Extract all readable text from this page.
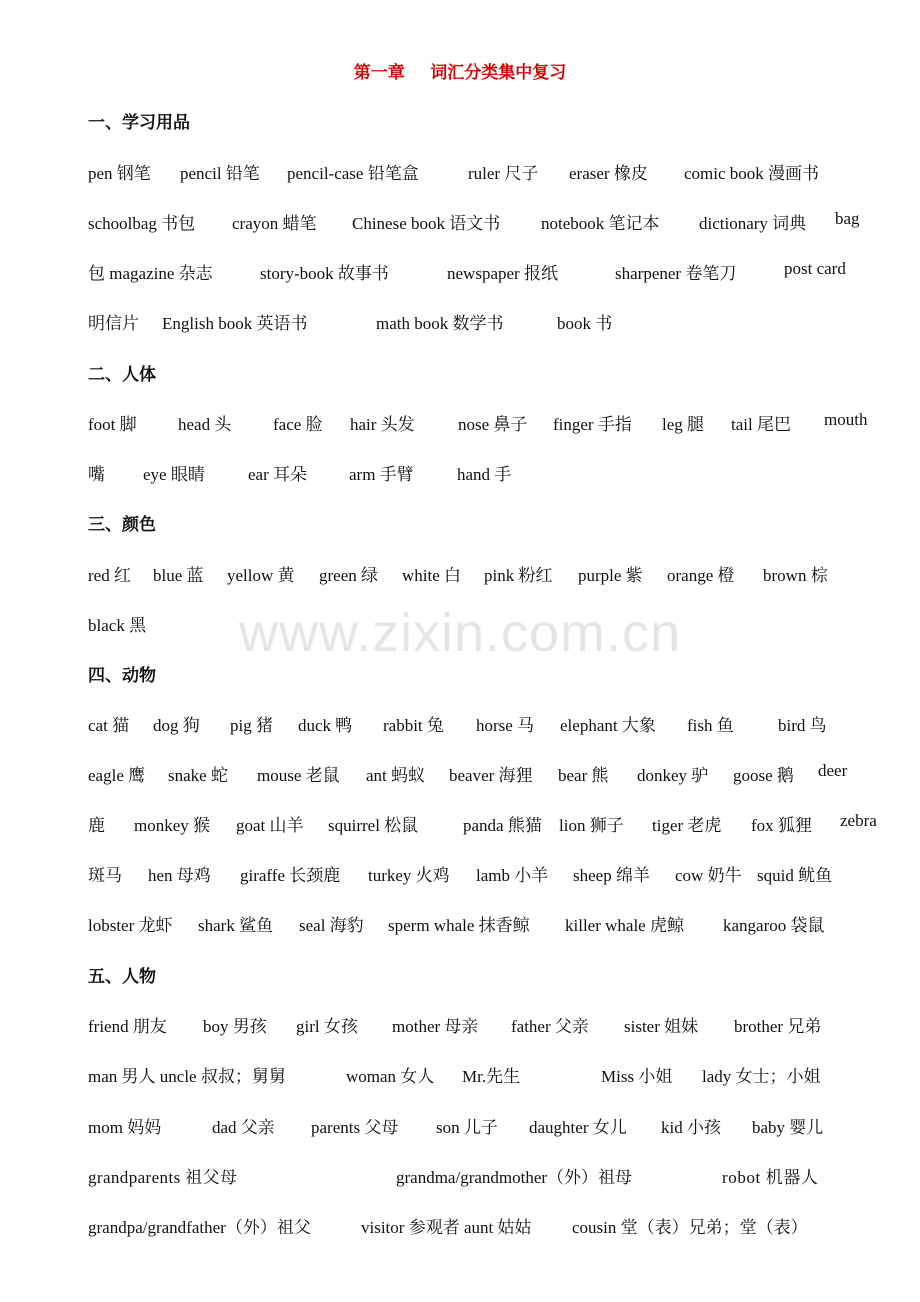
第一章      词汇分类集中复习
一、学习用品
pen 钢笔 pencil 铅笔 pencil-case 铅笔盒	ruler 尺子 eraser 橡皮 comic book 漫画书
schoolbag 书包 crayon 蜡笔 Chinese book 语文书 notebook 笔记本 dictionary 词典 bag
包 magazine 杂志	story-book 故事书	newspaper 报纸	sharpener 卷笔刀	post card
明信片 English book 英语书	math book 数学书	book 书
二、人体
foot 脚 head 头 face 脸 hair 头发	nose 鼻子 finger 手指 leg 腿 tail 尾巴 mouth
嘴 eye 眼睛	ear 耳朵 arm 手臂	hand 手
三、颜色
red 红 blue 蓝 yellow 黄 green 绿 white 白 pink 粉红 purple 紫 orange 橙 brown 棕
black 黑
四、动物
cat 猫 dog 狗 pig 猪 duck 鸭 rabbit 兔 horse 马 elephant 大象 fish 鱼	bird 鸟
eagle 鹰 snake 蛇 mouse 老鼠 ant 蚂蚁 beaver 海狸 bear 熊 donkey 驴 goose 鹅 deer
鹿 monkey 猴 goat 山羊 squirrel 松鼠	panda 熊猫 lion 狮子 tiger 老虎 fox 狐狸 zebra
斑马 hen 母鸡 giraffe 长颈鹿 turkey 火鸡 lamb 小羊 sheep 绵羊 cow 奶牛 squid 鱿鱼
lobster 龙虾 shark 鲨鱼 seal 海豹 sperm whale 抹香鲸 killer whale 虎鲸 kangaroo 袋鼠
五、人物
friend 朋友 boy 男孩 girl 女孩 mother 母亲 father 父亲 sister 姐妹 brother 兄弟
man 男人 uncle 叔叔；舅舅	woman 女人 Mr.先生	Miss 小姐 lady 女士；小姐
mom 妈妈	dad 父亲 parents 父母 son 儿子 daughter 女儿 kid 小孩 baby 婴儿
grandparents 祖父母	grandma/grandmother（外）祖母	robot 机器人
grandpa/grandfather（外）祖父	visitor 参观者 aunt 姑姑 cousin 堂（表）兄弟；堂（表）
www.zixin.com.cn
